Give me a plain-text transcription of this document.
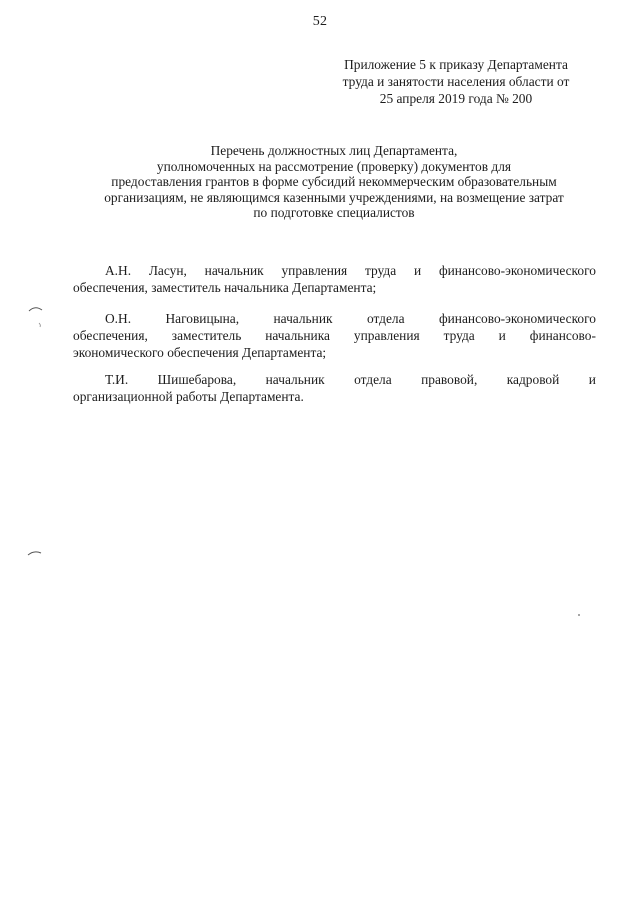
52
Приложение 5 к приказу Департамента
труда и занятости населения области от
25 апреля 2019 года № 200
Перечень должностных лиц Департамента,
уполномоченных на рассмотрение (проверку) документов для
предоставления грантов в форме субсидий некоммерческим образовательным
организациям, не являющимся казенными учреждениями, на возмещение затрат
по подготовке специалистов
А.Н. Ласун, начальник управления труда и финансово-экономического
обеспечения, заместитель начальника Департамента;
О.Н.	Наговицына,	начальник	отдела	финансово-экономического
обеспечения, заместитель начальника управления труда и финансово-
экономического обеспечения Департамента;
Т.И. Шишебарова, начальник отдела правовой, кадровой и
организационной работы Департамента.
